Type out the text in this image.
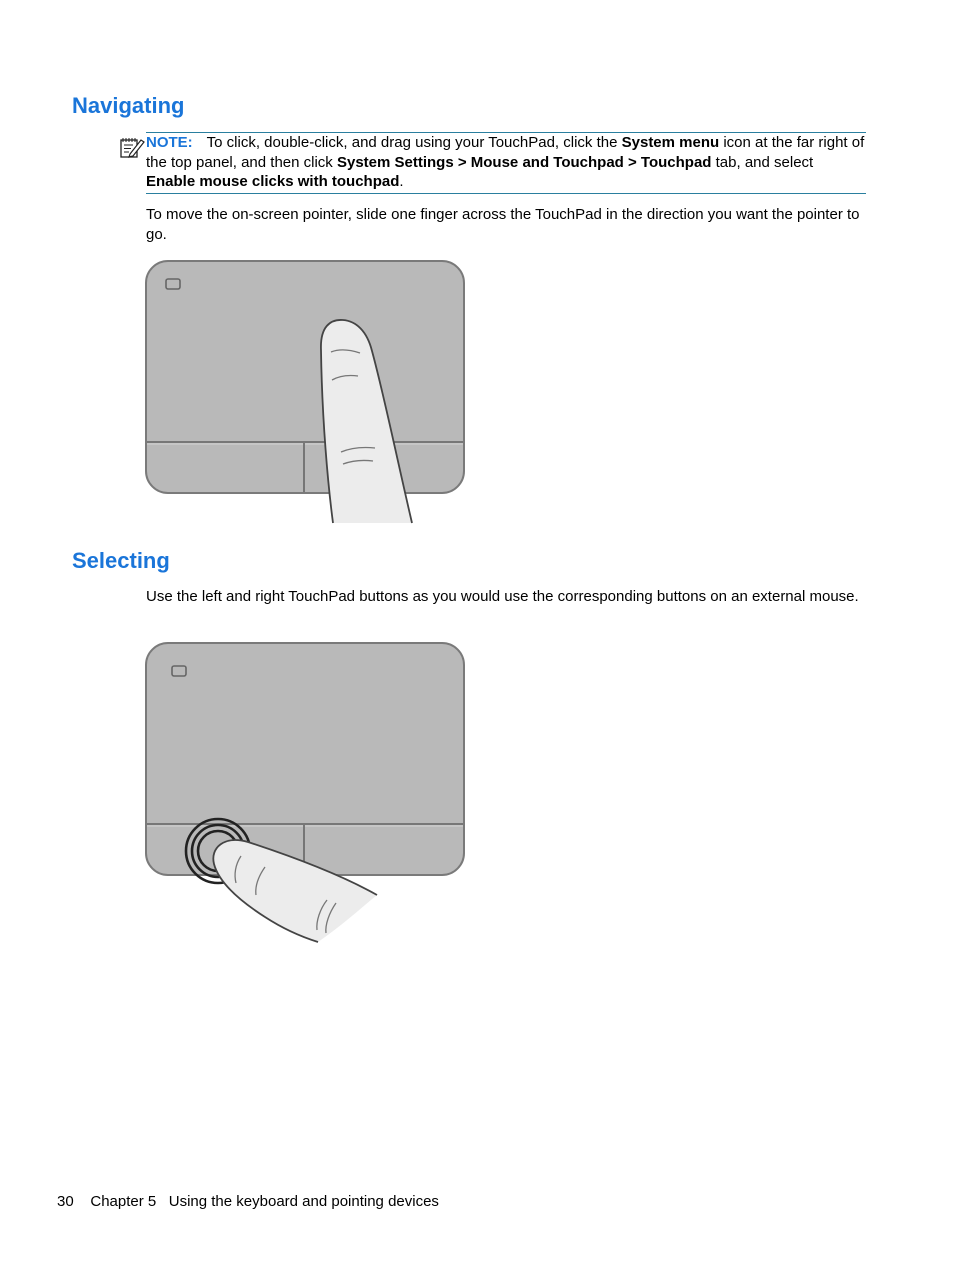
Navigating
NOTE: To click, double-click, and drag using your TouchPad, click the System menu icon at the far right of the top panel, and then click System Settings > Mouse and Touchpad > Touchpad tab, and select Enable mouse clicks with touchpad.

To move the on-screen pointer, slide one finger across the TouchPad in the direction you want the pointer to go.

Selecting

Use the left and right TouchPad buttons as you would use the corresponding buttons on an external mouse.

30 Chapter 5 Using the keyboard and pointing devices
